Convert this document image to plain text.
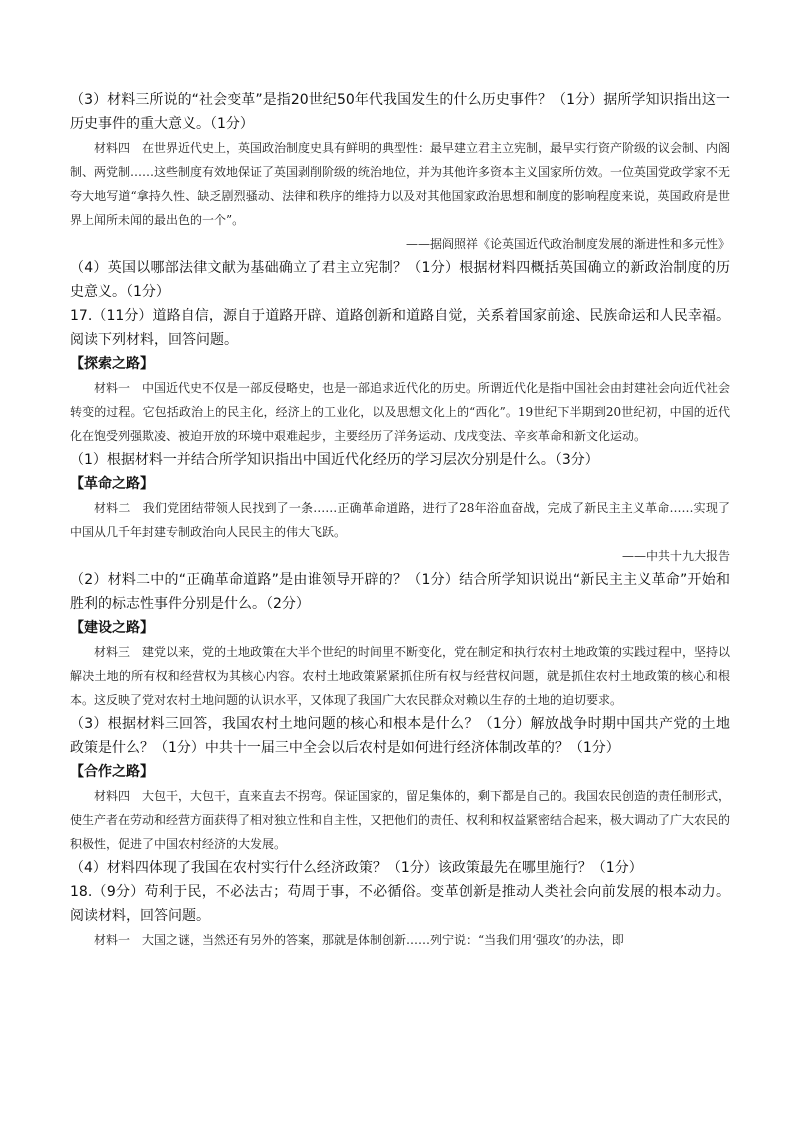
（3）材料三所说的“社会变革”是指20世纪50年代我国发生的什么历史事件？（1分）据所学知识指出这一历史事件的重大意义。（1分）

材料四　在世界近代史上，英国政治制度史具有鲜明的典型性：最早建立君主立宪制，最早实行资产阶级的议会制、内阁制、两党制……这些制度有效地保证了英国剥削阶级的统治地位，并为其他许多资本主义国家所仿效。一位英国党政学家不无夸大地写道“拿持久性、缺乏剧烈骚动、法律和秩序的维持力以及对其他国家政治思想和制度的影响程度来说，英国政府是世界上闻所未闻的最出色的一个”。

——据阎照祥《论英国近代政治制度发展的渐进性和多元性》

（4）英国以哪部法律文献为基础确立了君主立宪制？（1分）根据材料四概括英国确立的新政治制度的历史意义。（1分）

17.（11分）道路自信，源自于道路开辟、道路创新和道路自觉，关系着国家前途、民族命运和人民幸福。阅读下列材料，回答问题。

【探索之路】

材料一　中国近代史不仅是一部反侵略史，也是一部追求近代化的历史。所谓近代化是指中国社会由封建社会向近代社会转变的过程。它包括政治上的民主化，经济上的工业化，以及思想文化上的“西化”。19世纪下半期到20世纪初，中国的近代化在饱受列强欺凌、被迫开放的环境中艰难起步，主要经历了洋务运动、戊戌变法、辛亥革命和新文化运动。

（1）根据材料一并结合所学知识指出中国近代化经历的学习层次分别是什么。（3分）

【革命之路】

材料二　我们党团结带领人民找到了一条……正确革命道路，进行了28年浴血奋战，完成了新民主主义革命……实现了中国从几千年封建专制政治向人民民主的伟大飞跃。

——中共十九大报告

（2）材料二中的“正确革命道路”是由谁领导开辟的？（1分）结合所学知识说出“新民主主义革命”开始和胜利的标志性事件分别是什么。（2分）

【建设之路】

材料三　建党以来，党的土地政策在大半个世纪的时间里不断变化，党在制定和执行农村土地政策的实践过程中，坚持以解决土地的所有权和经营权为其核心内容。农村土地政策紧紧抓住所有权与经营权问题，就是抓住农村土地政策的核心和根本。这反映了党对农村土地问题的认识水平，又体现了我国广大农民群众对赖以生存的土地的迫切要求。

（3）根据材料三回答，我国农村土地问题的核心和根本是什么？（1分）解放战争时期中国共产党的土地政策是什么？（1分）中共十一届三中全会以后农村是如何进行经济体制改革的？（1分）

【合作之路】

材料四　大包干，大包干，直来直去不拐弯。保证国家的，留足集体的，剩下都是自己的。我国农民创造的责任制形式，使生产者在劳动和经营方面获得了相对独立性和自主性，又把他们的责任、权利和权益紧密结合起来，极大调动了广大农民的积极性，促进了中国农村经济的大发展。

（4）材料四体现了我国在农村实行什么经济政策？（1分）该政策最先在哪里施行？（1分）

18.（9分）苟利于民，不必法古；苟周于事，不必循俗。变革创新是推动人类社会向前发展的根本动力。阅读材料，回答问题。

材料一　大国之谜，当然还有另外的答案，那就是体制创新……列宁说：“当我们用‘强攻’的办法，即
